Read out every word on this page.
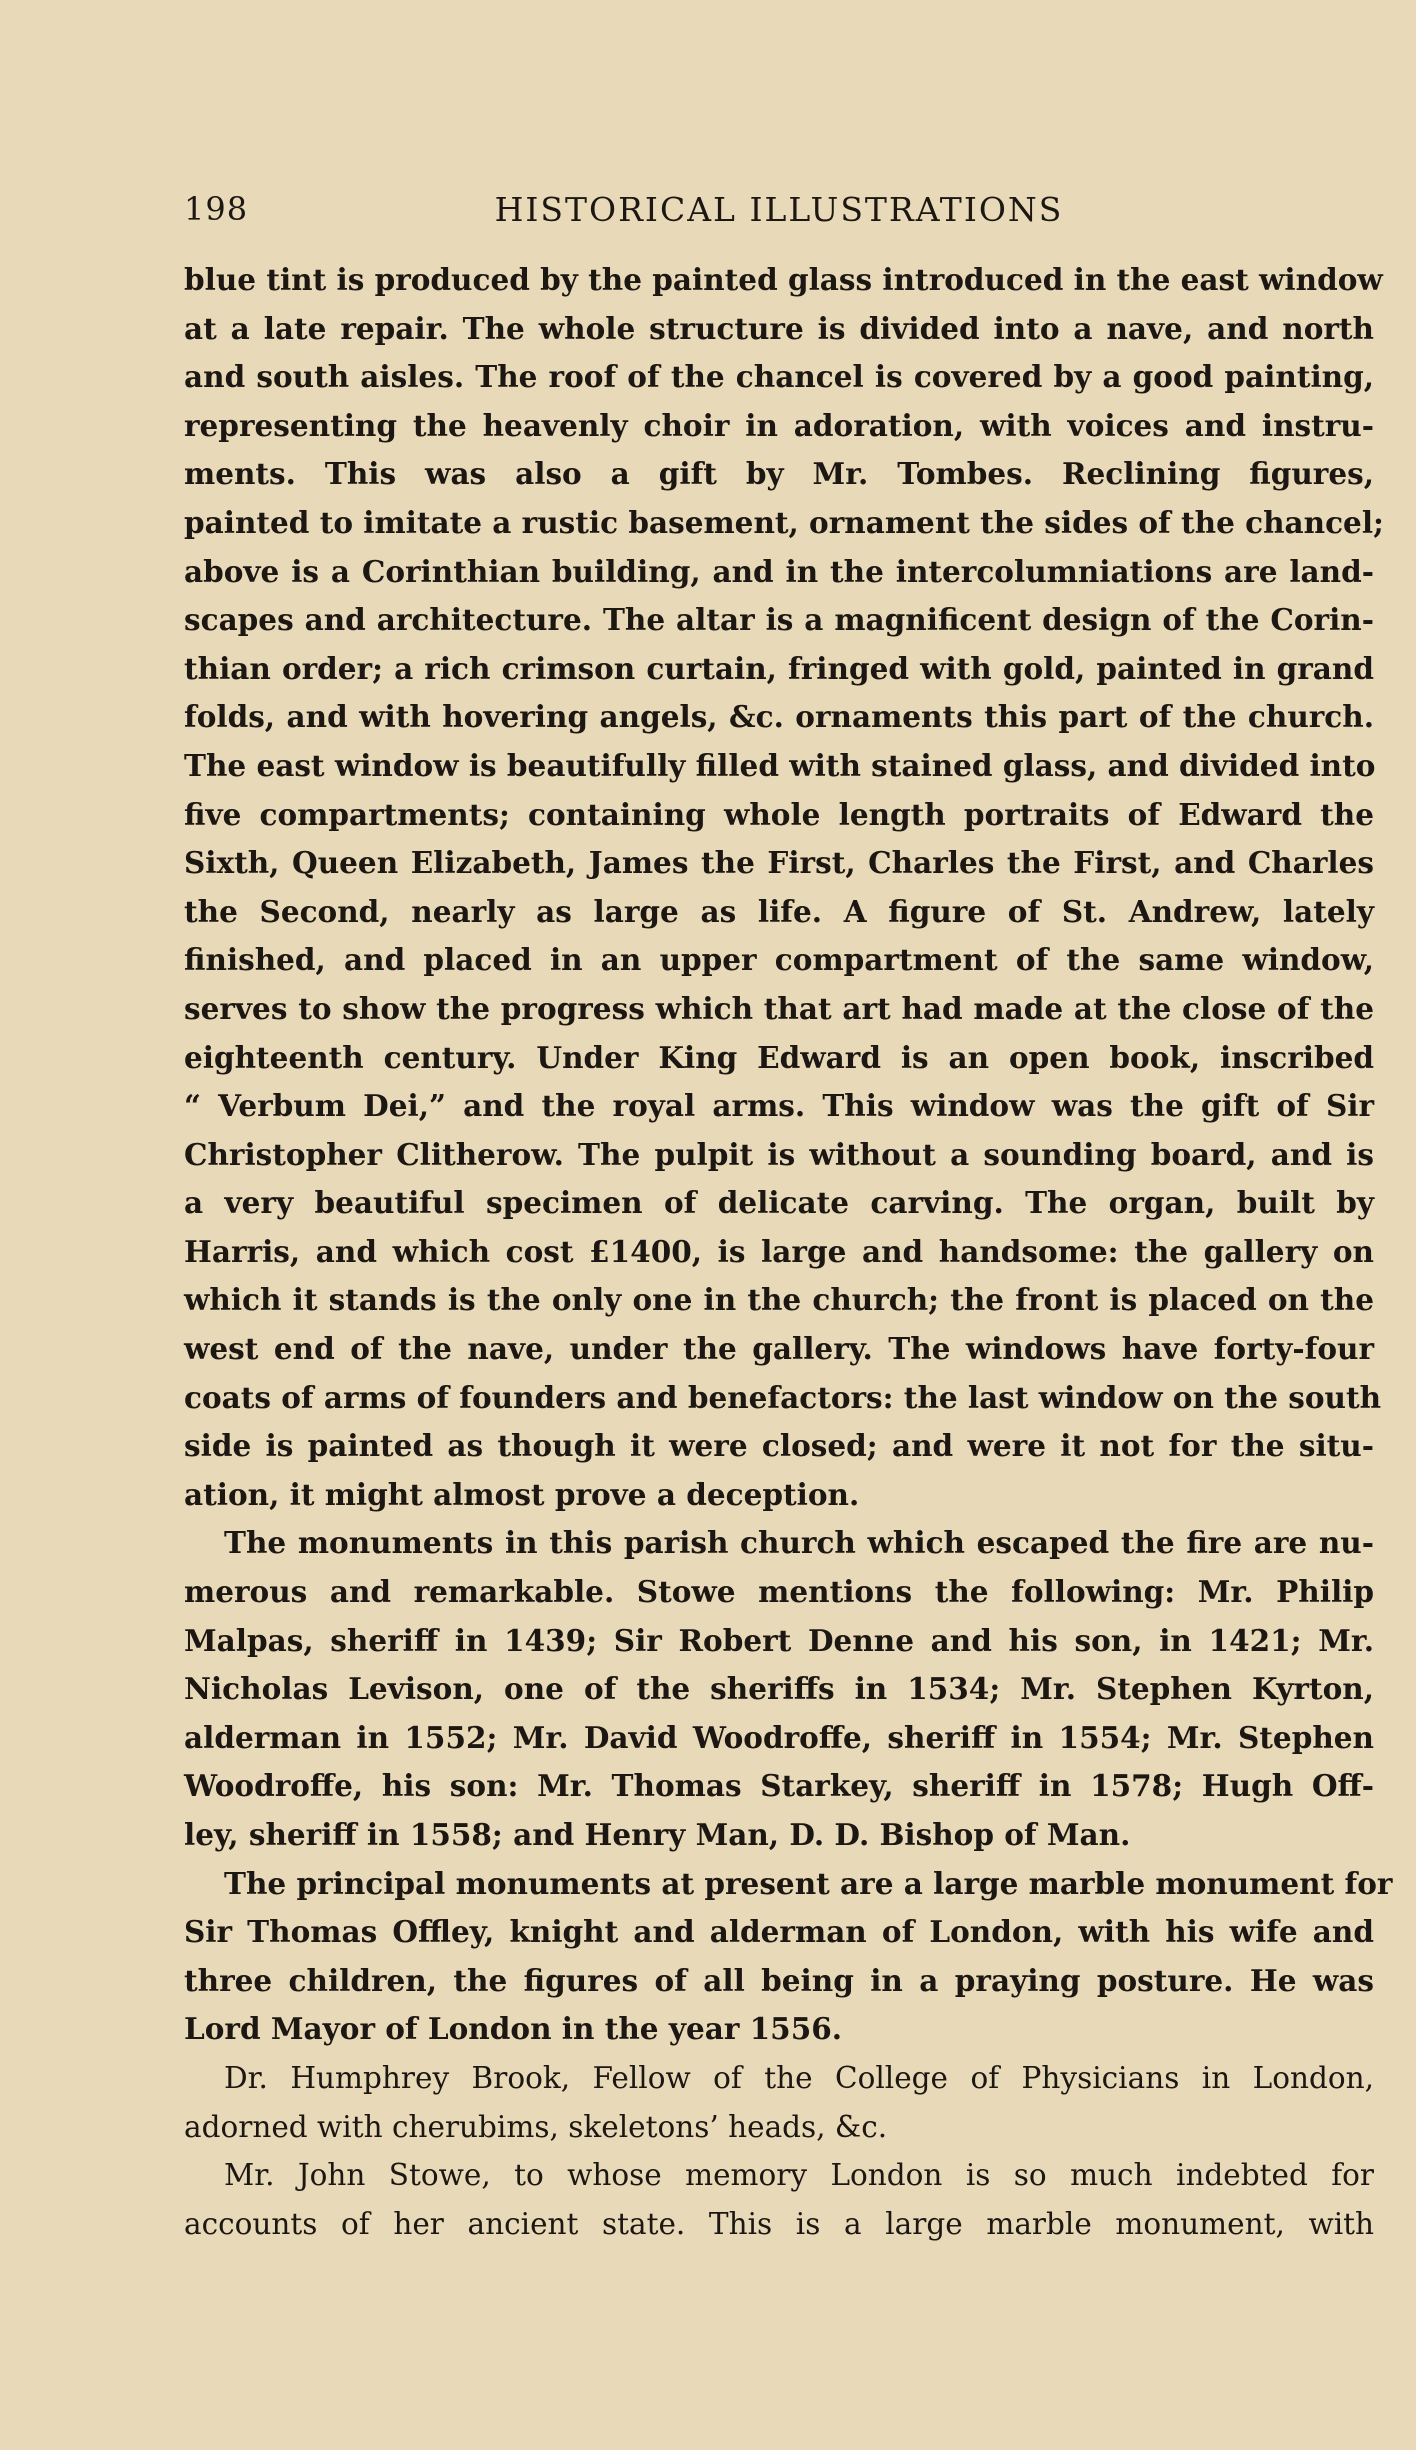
198	HISTORICAL ILLUSTRATIONS

blue tint is produced by the painted glass introduced in the east window
at a late repair. The whole structure is divided into a nave, and north
and south aisles. The roof of the chancel is covered by a good painting,
representing the heavenly choir in adoration, with voices and instru-
ments. This was also a gift by Mr. Tombes. Reclining figures,
painted to imitate a rustic basement, ornament the sides of the chancel;
above is a Corinthian building, and in the intercolumniations are land-
scapes and architecture. The altar is a magnificent design of the Corin-
thian order; a rich crimson curtain, fringed with gold, painted in grand
folds, and with hovering angels, &c. ornaments this part of the church.
The east window is beautifully filled with stained glass, and divided into
five compartments; containing whole length portraits of Edward the
Sixth, Queen Elizabeth, James the First, Charles the First, and Charles
the Second, nearly as large as life. A figure of St. Andrew, lately
finished, and placed in an upper compartment of the same window,
serves to show the progress which that art had made at the close of the
eighteenth century. Under King Edward is an open book, inscribed
“ Verbum Dei,” and the royal arms. This window was the gift of Sir
Christopher Clitherow. The pulpit is without a sounding board, and is
a very beautiful specimen of delicate carving. The organ, built by
Harris, and which cost £1400, is large and handsome: the gallery on
which it stands is the only one in the church; the front is placed on the
west end of the nave, under the gallery. The windows have forty-four
coats of arms of founders and benefactors: the last window on the south
side is painted as though it were closed; and were it not for the situ-
ation, it might almost prove a deception.

The monuments in this parish church which escaped the fire are nu-
merous and remarkable. Stowe mentions the following: Mr. Philip
Malpas, sheriff in 1439; Sir Robert Denne and his son, in 1421; Mr.
Nicholas Levison, one of the sheriffs in 1534; Mr. Stephen Kyrton,
alderman in 1552; Mr. David Woodroffe, sheriff in 1554; Mr. Stephen
Woodroffe, his son: Mr. Thomas Starkey, sheriff in 1578; Hugh Off-
ley, sheriff in 1558; and Henry Man, D. D. Bishop of Man.

The principal monuments at present are a large marble monument for
Sir Thomas Offley, knight and alderman of London, with his wife and
three children, the figures of all being in a praying posture. He was
Lord Mayor of London in the year 1556.

Dr. Humphrey Brook, Fellow of the College of Physicians in London,
adorned with cherubims, skeletons’ heads, &c.

Mr. John Stowe, to whose memory London is so much indebted for
accounts of her ancient state. This is a large marble monument, with
